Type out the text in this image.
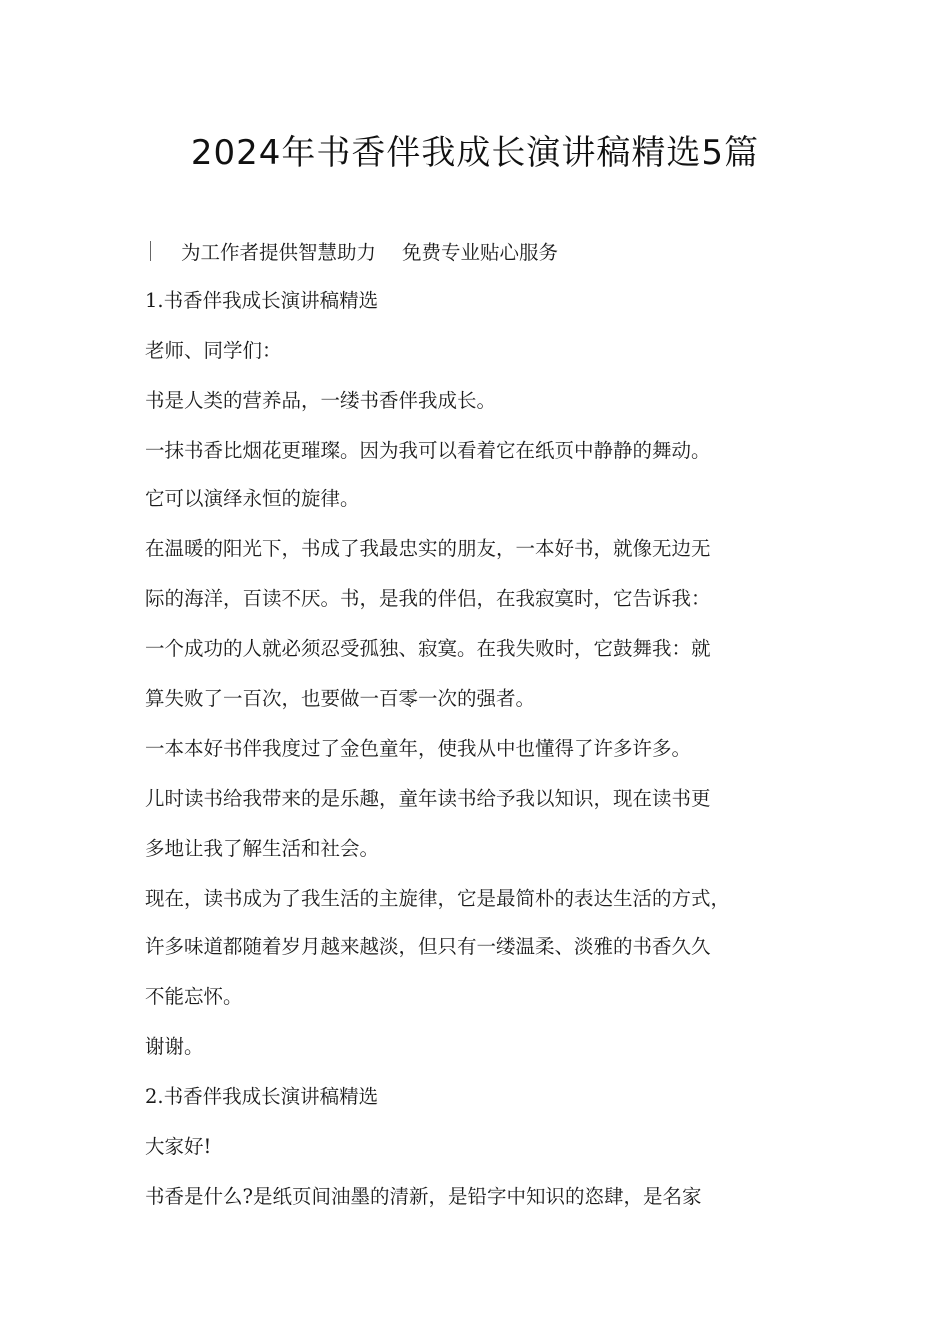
2024年书香伴我成长演讲稿精选5篇
为工作者提供智慧助力 免费专业贴心服务

1.书香伴我成长演讲稿精选

老师、同学们：

书是人类的营养品，一缕书香伴我成长。

一抹书香比烟花更璀璨。因为我可以看着它在纸页中静静的舞动。

它可以演绎永恒的旋律。

在温暖的阳光下，书成了我最忠实的朋友，一本好书，就像无边无

际的海洋，百读不厌。书，是我的伴侣，在我寂寞时，它告诉我：

一个成功的人就必须忍受孤独、寂寞。在我失败时，它鼓舞我：就

算失败了一百次，也要做一百零一次的强者。

一本本好书伴我度过了金色童年，使我从中也懂得了许多许多。

儿时读书给我带来的是乐趣，童年读书给予我以知识，现在读书更

多地让我了解生活和社会。

现在，读书成为了我生活的主旋律，它是最简朴的表达生活的方式，

许多味道都随着岁月越来越淡，但只有一缕温柔、淡雅的书香久久

不能忘怀。

谢谢。

2.书香伴我成长演讲稿精选

大家好!

书香是什么?是纸页间油墨的清新，是铅字中知识的恣肆，是名家
